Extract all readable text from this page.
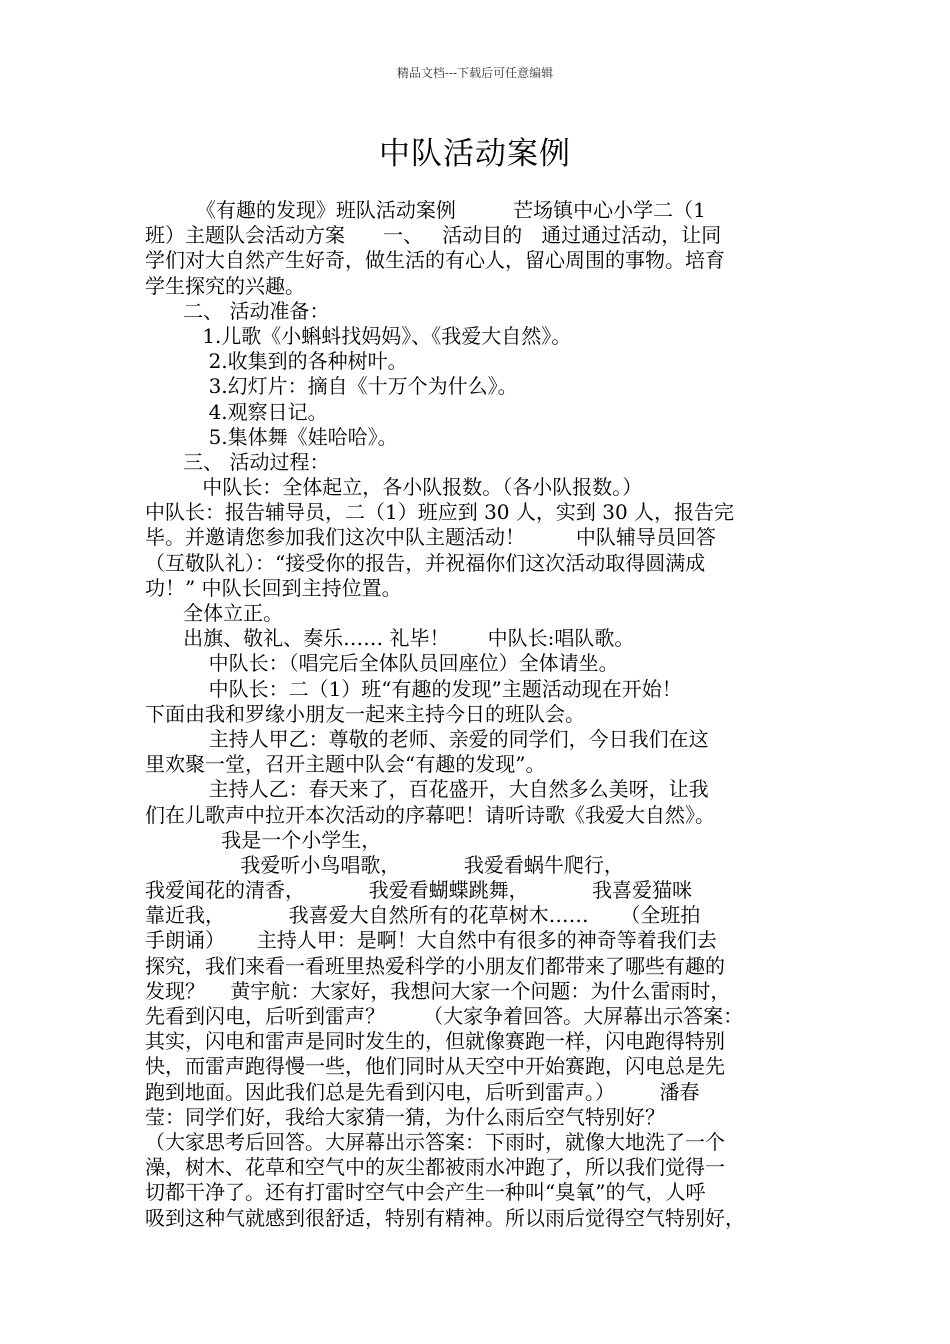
精品文档---下载后可任意编辑
中队活动案例
《有趣的发现》班队活动案例         芒场镇中心小学二（1
班）主题队会活动方案      一、   活动目的   通过通过活动，让同
学们对大自然产生好奇，做生活的有心人，留心周围的事物。培育
学生探究的兴趣。
二、 活动准备：
1.儿歌《小蝌蚪找妈妈》、《我爱大自然》。
2.收集到的各种树叶。
3.幻灯片：摘自《十万个为什么》。
4.观察日记。
5.集体舞《娃哈哈》。
三、 活动过程：
中队长：全体起立，各小队报数。（各小队报数。）
中队长：报告辅导员，二（1）班应到 30 人，实到 30 人，报告完
毕。并邀请您参加我们这次中队主题活动！        中队辅导员回答
（互敬队礼）：“接受你的报告，并祝福你们这次活动取得圆满成
功！” 中队长回到主持位置。
全体立正。
出旗、敬礼、奏乐…… 礼毕！      中队长:唱队歌。
中队长：（唱完后全体队员回座位）全体请坐。
中队长：二（1）班“有趣的发现”主题活动现在开始！
下面由我和罗缘小朋友一起来主持今日的班队会。
主持人甲乙：尊敬的老师、亲爱的同学们，今日我们在这
里欢聚一堂，召开主题中队会“有趣的发现”。
主持人乙：春天来了，百花盛开，大自然多么美呀，让我
们在儿歌声中拉开本次活动的序幕吧！请听诗歌《我爱大自然》。
我是一个小学生，
我爱听小鸟唱歌，          我爱看蜗牛爬行，
我爱闻花的清香，          我爱看蝴蝶跳舞，          我喜爱猫咪
靠近我，          我喜爱大自然所有的花草树木……     （全班拍
手朗诵）     主持人甲：是啊！大自然中有很多的神奇等着我们去
探究，我们来看一看班里热爱科学的小朋友们都带来了哪些有趣的
发现？    黄宇航：大家好，我想问大家一个问题：为什么雷雨时，
先看到闪电，后听到雷声？      （大家争着回答。大屏幕出示答案：
其实，闪电和雷声是同时发生的，但就像赛跑一样，闪电跑得特别
快，而雷声跑得慢一些，他们同时从天空中开始赛跑，闪电总是先
跑到地面。因此我们总是先看到闪电，后听到雷声。）       潘春
莹：同学们好，我给大家猜一猜，为什么雨后空气特别好？
（大家思考后回答。大屏幕出示答案：下雨时，就像大地洗了一个
澡，树木、花草和空气中的灰尘都被雨水冲跑了，所以我们觉得一
切都干净了。还有打雷时空气中会产生一种叫“臭氧”的气，人呼
吸到这种气就感到很舒适，特别有精神。所以雨后觉得空气特别好，
